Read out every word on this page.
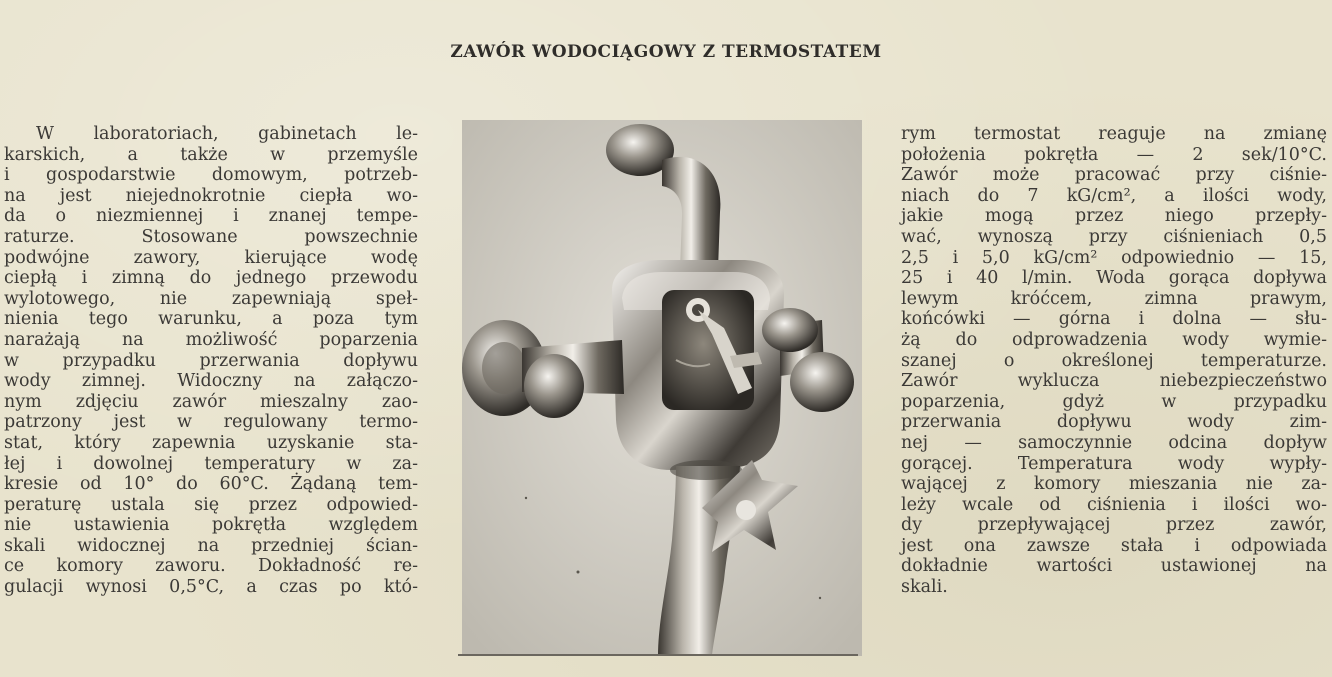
ZAWÓR WODOCIĄGOWY Z TERMOSTATEM
W laboratoriach, gabinetach le-
karskich, a także w przemyśle
i gospodarstwie domowym, potrzeb-
na jest niejednokrotnie ciepła wo-
da o niezmiennej i znanej tempe-
raturze. Stosowane powszechnie
podwójne zawory, kierujące wodę
ciepłą i zimną do jednego przewodu
wylotowego, nie zapewniają speł-
nienia tego warunku, a poza tym
narażają na możliwość poparzenia
w przypadku przerwania dopływu
wody zimnej. Widoczny na załączo-
nym zdjęciu zawór mieszalny zao-
patrzony jest w regulowany termo-
stat, który zapewnia uzyskanie sta-
łej i dowolnej temperatury w za-
kresie od 10° do 60°C. Żądaną tem-
peraturę ustala się przez odpowied-
nie ustawienia pokrętła względem
skali widocznej na przedniej ścian-
ce komory zaworu. Dokładność re-
gulacji wynosi 0,5°C, a czas po któ-
rym termostat reaguje na zmianę
położenia pokrętła — 2 sek/10°C.
Zawór może pracować przy ciśnie-
niach do 7 kG/cm², a ilości wody,
jakie mogą przez niego przepły-
wać, wynoszą przy ciśnieniach 0,5
2,5 i 5,0 kG/cm² odpowiednio — 15,
25 i 40 l/min. Woda gorąca dopływa
lewym króćcem, zimna prawym,
końcówki — górna i dolna — słu-
żą do odprowadzenia wody wymie-
szanej o określonej temperaturze.
Zawór wyklucza niebezpieczeństwo
poparzenia, gdyż w przypadku
przerwania dopływu wody zim-
nej — samoczynnie odcina dopływ
gorącej. Temperatura wody wypły-
wającej z komory mieszania nie za-
leży wcale od ciśnienia i ilości wo-
dy przepływającej przez zawór,
jest ona zawsze stała i odpowiada
dokładnie wartości ustawionej na
skali.
